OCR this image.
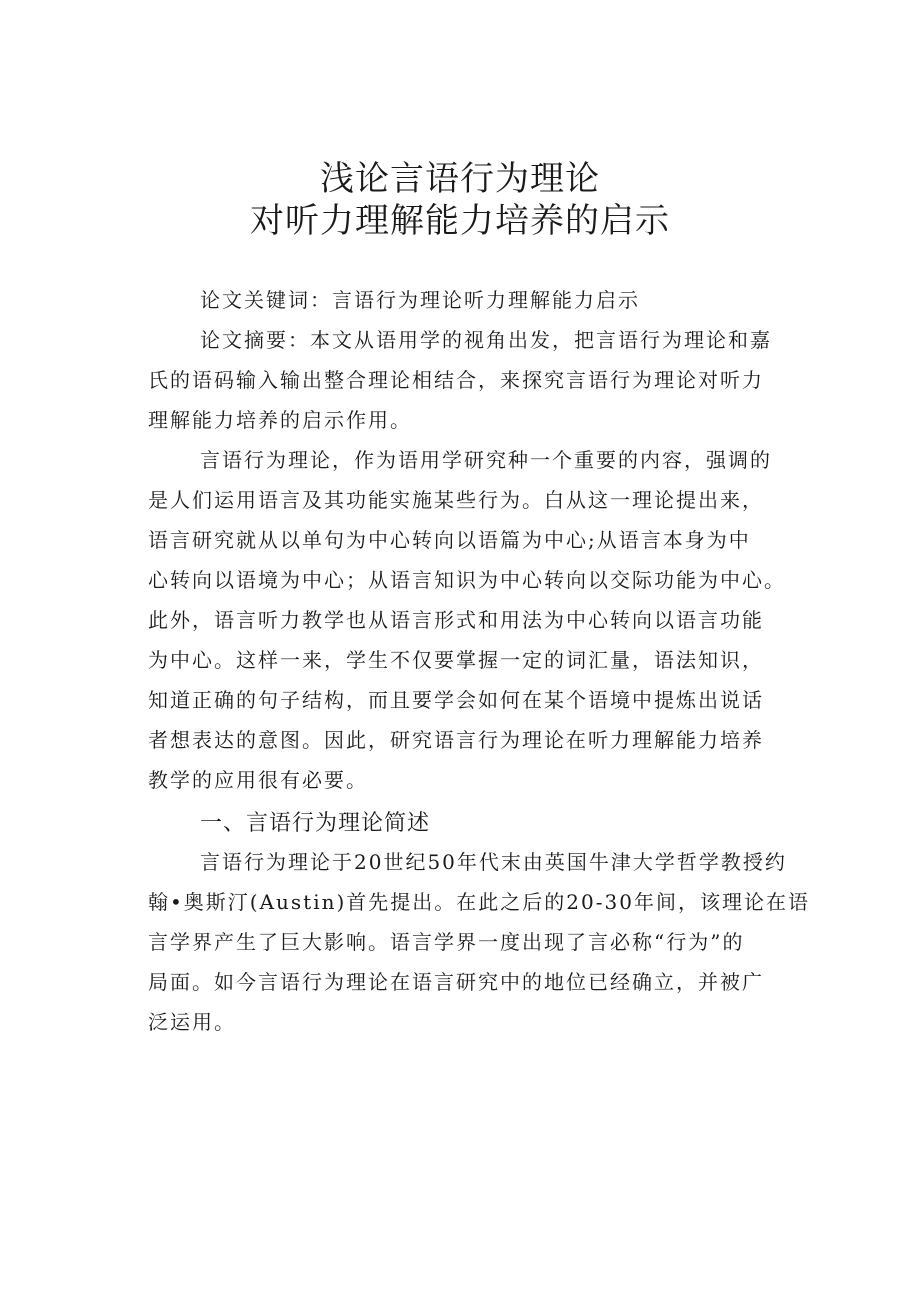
浅论言语行为理论
对听力理解能力培养的启示
论文关键词：言语行为理论听力理解能力启示
论文摘要：本文从语用学的视角出发，把言语行为理论和嘉
氏的语码输入输出整合理论相结合，来探究言语行为理论对听力
理解能力培养的启示作用。
言语行为理论，作为语用学研究种一个重要的内容，强调的
是人们运用语言及其功能实施某些行为。白从这一理论提出来，
语言研究就从以单句为中心转向以语篇为中心;从语言本身为中
心转向以语境为中心；从语言知识为中心转向以交际功能为中心。
此外，语言听力教学也从语言形式和用法为中心转向以语言功能
为中心。这样一来，学生不仅要掌握一定的词汇量，语法知识，
知道正确的句子结构，而且要学会如何在某个语境中提炼出说话
者想表达的意图。因此，研究语言行为理论在听力理解能力培养
教学的应用很有必要。
一、言语行为理论简述
言语行为理论于20世纪50年代末由英国牛津大学哲学教授约
翰•奥斯汀(Austin)首先提出。在此之后的20-30年间，该理论在语
言学界产生了巨大影响。语言学界一度出现了言必称“行为”的
局面。如今言语行为理论在语言研究中的地位已经确立，并被广
泛运用。
